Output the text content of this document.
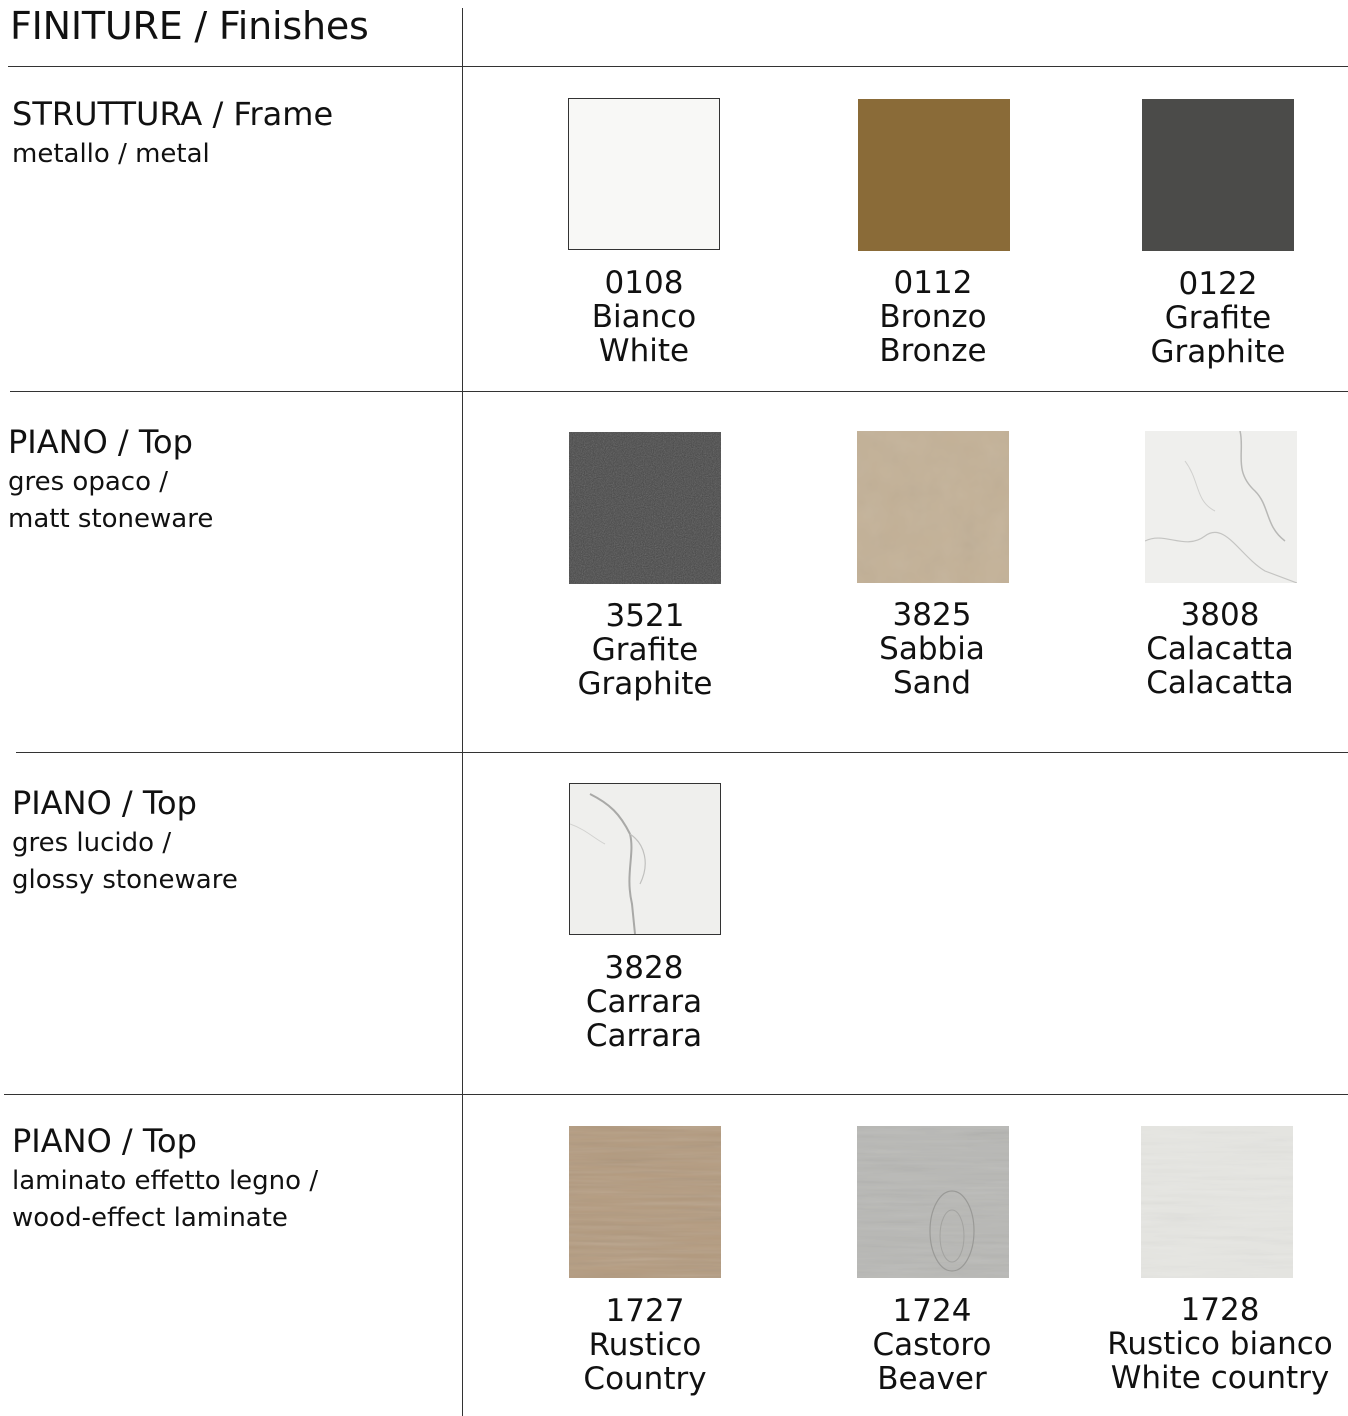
FINITURE / Finishes
STRUTTURA / Frame
metallo / metal
0108
Bianco
White
0112
Bronzo
Bronze
0122
Grafite
Graphite
PIANO / Top
gres opaco /
matt stoneware
3521
Grafite
Graphite
3825
Sabbia
Sand
3808
Calacatta
Calacatta
PIANO / Top
gres lucido /
glossy stoneware
3828
Carrara
Carrara
PIANO / Top
laminato effetto legno /
wood-effect laminate
1727
Rustico
Country
1724
Castoro
Beaver
1728
Rustico bianco
White country
